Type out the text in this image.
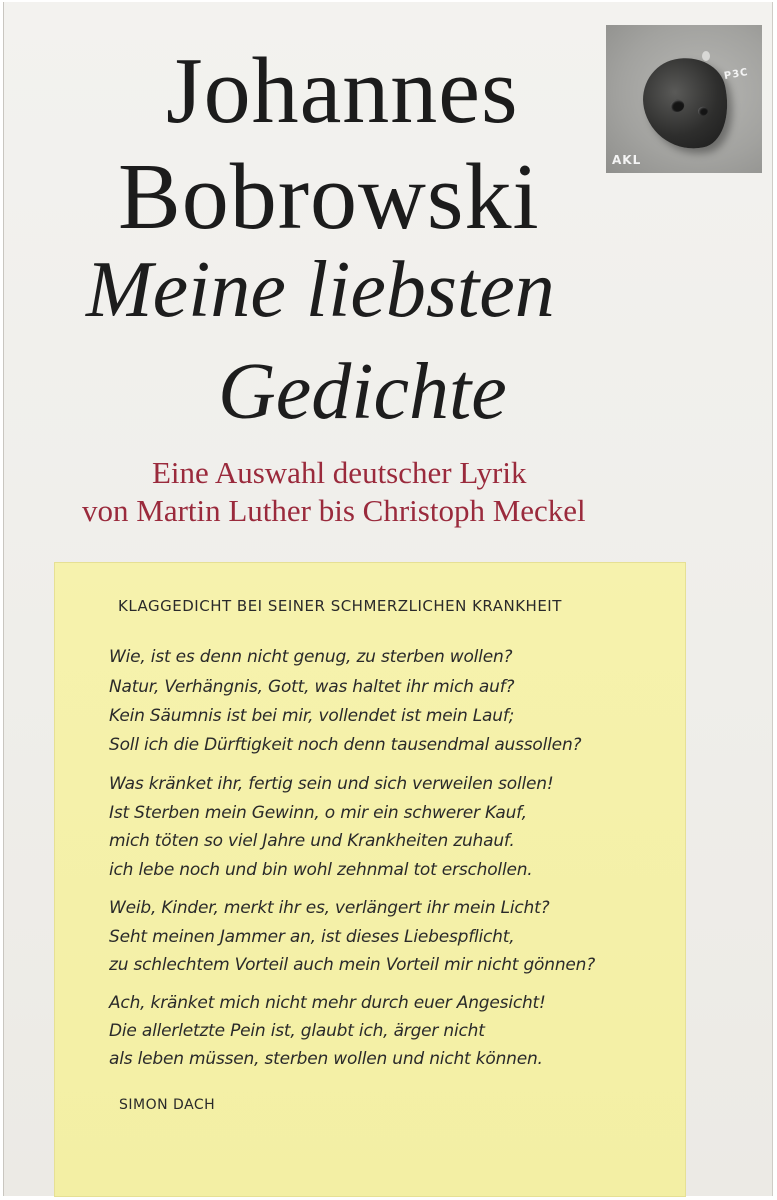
Johannes
Bobrowski
Meine liebsten
Gedichte

Eine Auswahl deutscher Lyrik

von Martin Luther bis Christoph Meckel

P3C
AKL
KLAGGEDICHT BEI SEINER SCHMERZLICHEN KRANKHEIT
Wie, ist es denn nicht genug, zu sterben wollen?
Natur, Verhängnis, Gott, was haltet ihr mich auf?
Kein Säumnis ist bei mir, vollendet ist mein Lauf;
Soll ich die Dürftigkeit noch denn tausendmal aussollen?
Was kränket ihr, fertig sein und sich verweilen sollen!
Ist Sterben mein Gewinn, o mir ein schwerer Kauf,
mich töten so viel Jahre und Krankheiten zuhauf.
ich lebe noch und bin wohl zehnmal tot erschollen.
Weib, Kinder, merkt ihr es, verlängert ihr mein Licht?
Seht meinen Jammer an, ist dieses Liebespflicht,
zu schlechtem Vorteil auch mein Vorteil mir nicht gönnen?
Ach, kränket mich nicht mehr durch euer Angesicht!
Die allerletzte Pein ist, glaubt ich, ärger nicht
als leben müssen, sterben wollen und nicht können.
SIMON DACH
